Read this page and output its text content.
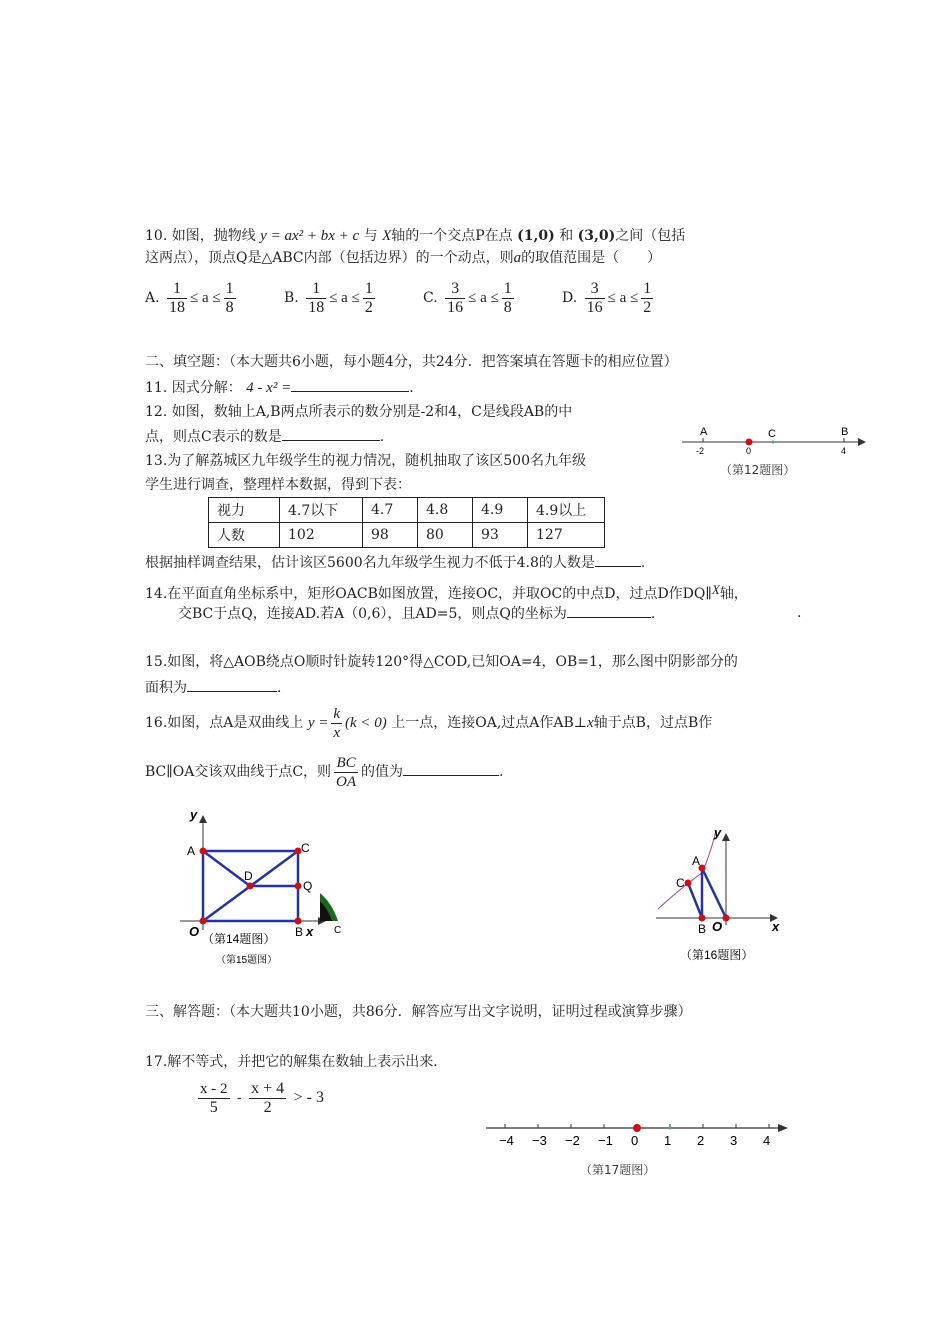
10. 如图，抛物线 y = ax² + bx + c 与 X轴的一个交点P在点 (1,0) 和 (3,0)之间（包括
这两点），顶点Q是△ABC内部（包括边界）的一个动点，则a的取值范围是（　　）
A. $\frac{1}{18} \le a \le \frac{1}{8}$	B. $\frac{1}{18} \le a \le \frac{1}{2}$	C. $\frac{3}{16} \le a \le \frac{1}{8}$	D. $\frac{3}{16} \le a \le \frac{1}{2}$
二、填空题：（本大题共6小题，每小题4分，共24分．把答案填在答题卡的相应位置）
11. 因式分解： 4 - x² =	.
12. 如图，数轴上A,B两点所表示的数分别是-2和4，C是线段AB的中
点，则点C表示的数是	.	A	B
C
-2	0	4
（第12题图）
13.为了解荔城区九年级学生的视力情况，随机抽取了该区500名九年级
学生进行调查，整理样本数据，得到下表：
视力	4.7以下	4.7	4.8	4.9	4.9以上
人数	102	98	80	93	127
根据抽样调查结果，估计该区5600名九年级学生视力不低于4.8的人数是	.
14.在平面直角坐标系中，矩形OACB如图放置，连接OC，并取OC的中点D，过点D作DQ∥X轴，
交BC于点Q，连接AD.若A（0,6），且AD=5，则点Q的坐标为	.	.
15.如图，将△AOB绕点O顺时针旋转120°得△COD,已知OA=4，OB=1，那么图中阴影部分的
面积为	.
16.如图，点A是双曲线上 $y = \frac{k}{x} (k < 0)$ 上一点，连接OA,过点A作AB⊥x轴于点B，过点B作
BC∥OA交该双曲线于点C，则 $\frac{BC}{OA}$ 的值为	.
y
A	C
D
Q
O	B x C
（第14题图）
（第15题图）
y
A
C
B O	x
（第16题图）
三、解答题：（本大题共10小题，共86分．解答应写出文字说明，证明过程或演算步骤）
17.解不等式，并把它的解集在数轴上表示出来.
$\frac{x - 2}{5} - \frac{x + 4}{2}$ > - 3
−4 −3 −2 −1 0 1 2 3 4
（第17题图）
